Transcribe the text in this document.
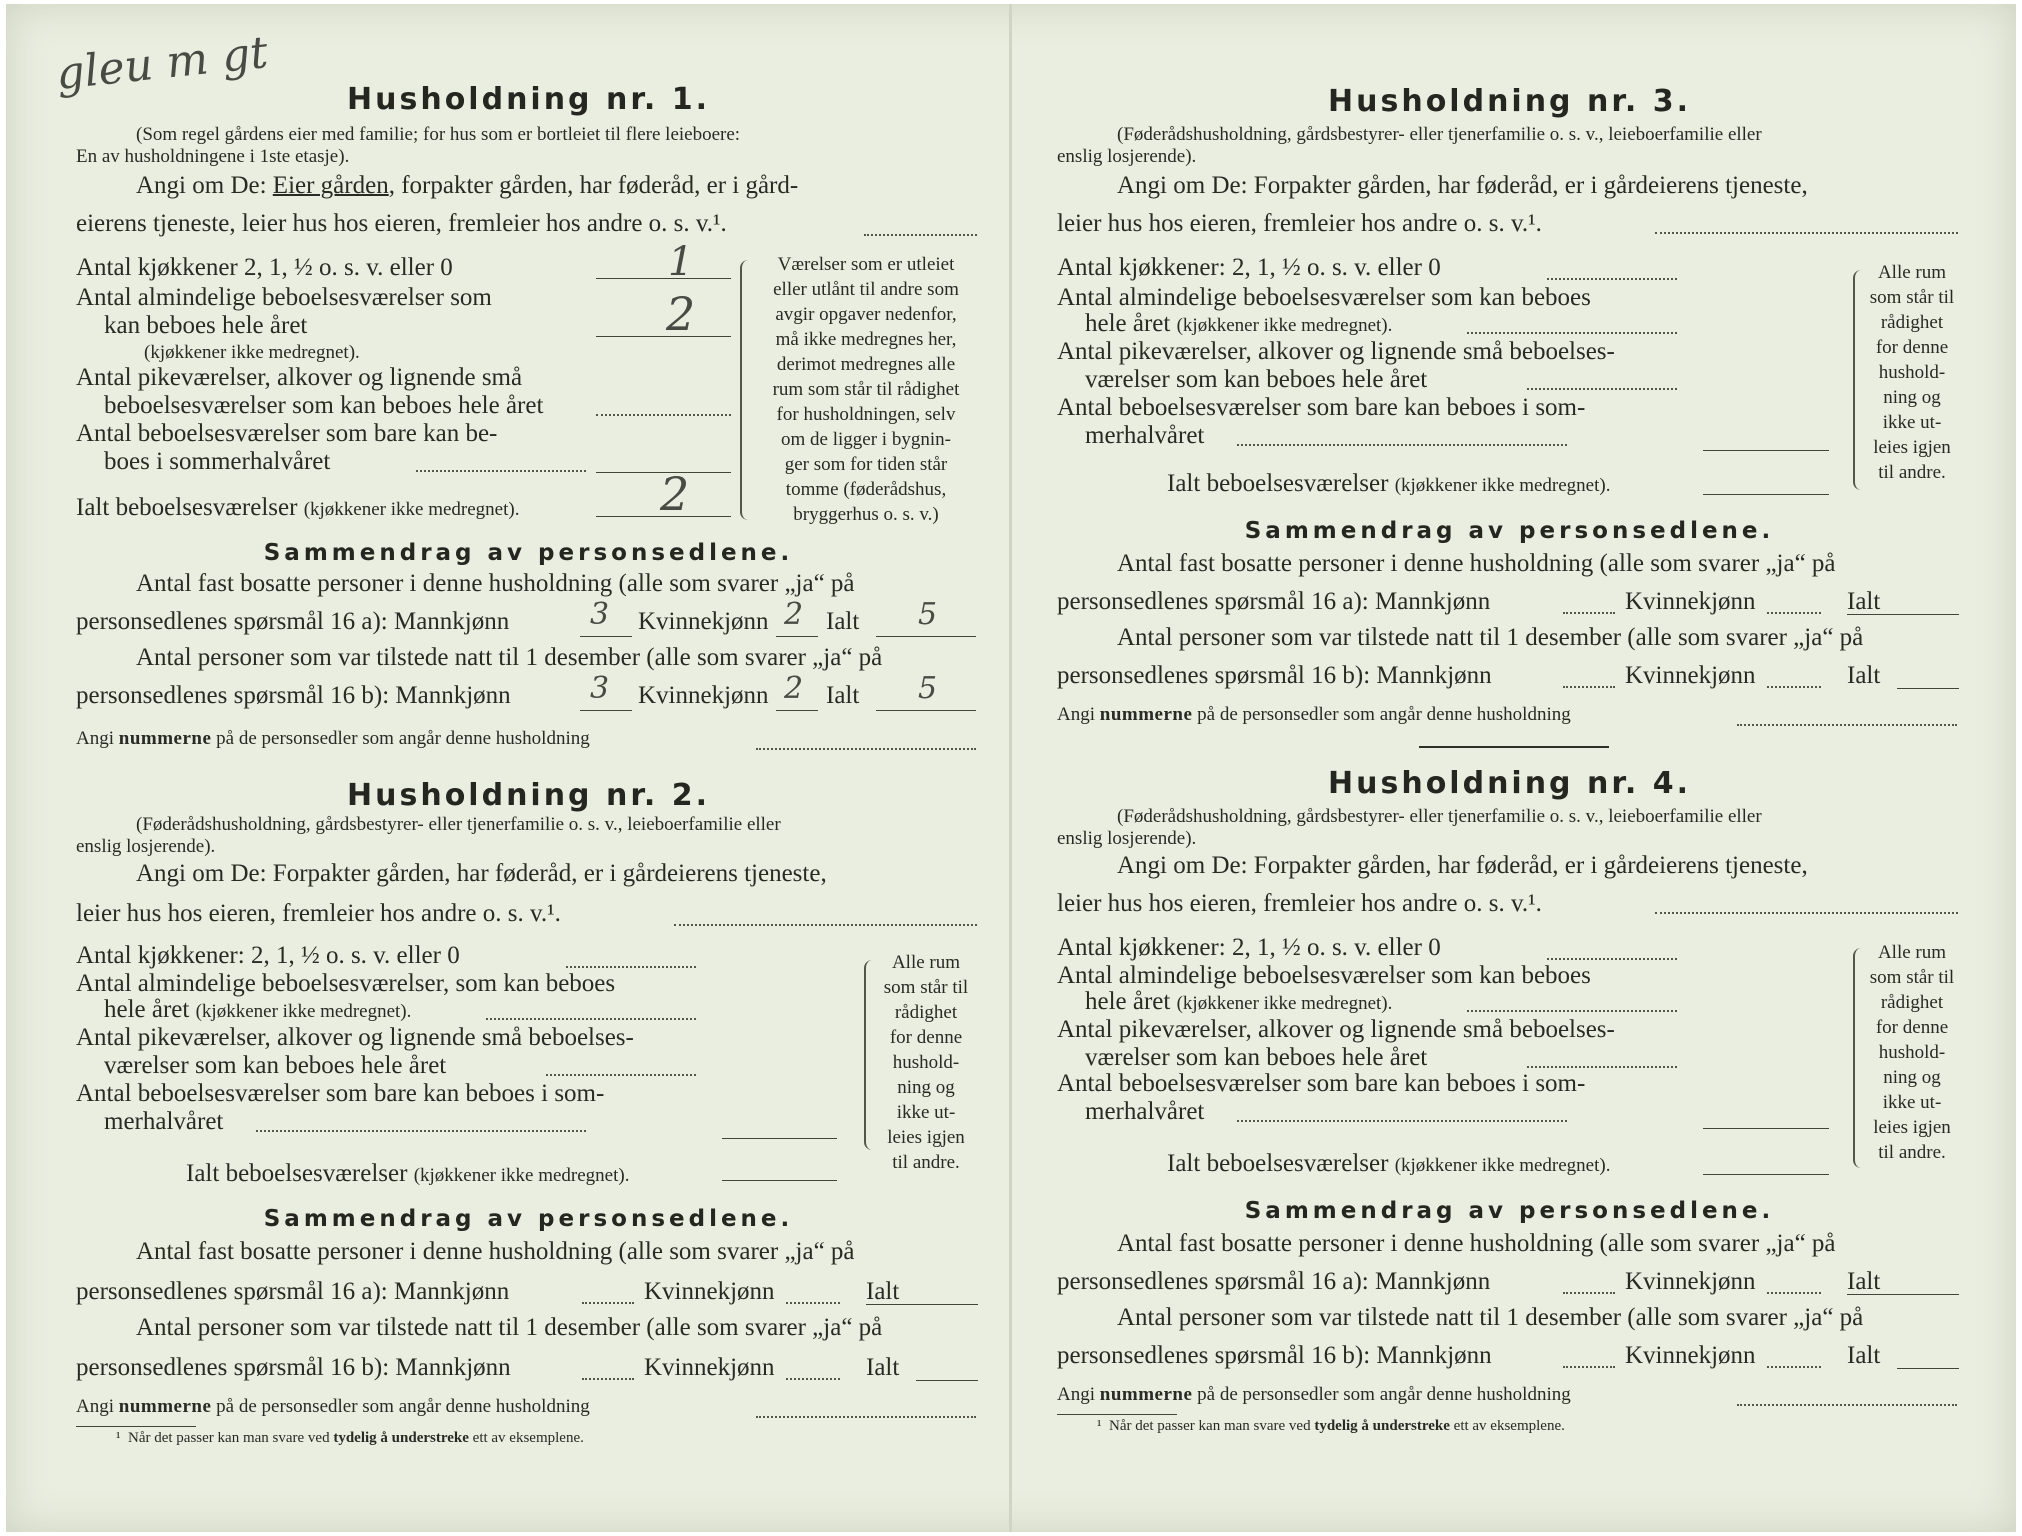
gleu m gt	Husholdning nr. 1.
(Som regel gårdens eier med familie; for hus som er bortleiet til flere leieboere:
En av husholdningene i 1ste etasje).
Angi om De: Eier gården, forpakter gården, har føderåd, er i gård-
eierens tjeneste, leier hus hos eieren, fremleier hos andre o. s. v.¹.
Antal kjøkkener 2, 1, ½ o. s. v. eller 0	1
Antal almindelige beboelsesværelser som
kan beboes hele året
(kjøkkener ikke medregnet).
2
Antal pikeværelser, alkover og lignende små
beboelsesværelser som kan beboes hele året
Antal beboelsesværelser som bare kan be-
boes i sommerhalvåret
Ialt beboelsesværelser (kjøkkener ikke medregnet).	2
Værelser som er utleiet
eller utlånt til andre som
avgir opgaver nedenfor,
må ikke medregnes her,
derimot medregnes alle
rum som står til rådighet
for husholdningen, selv
om de ligger i bygnin-
ger som for tiden står
tomme (føderådshus,
bryggerhus o. s. v.)
Sammendrag av personsedlene.
Antal fast bosatte personer i denne husholdning (alle som svarer „ja“ på
personsedlenes spørsmål 16 a): Mannkjønn	3 Kvinnekjønn 2 Ialt 5
Antal personer som var tilstede natt til 1 desember (alle som svarer „ja“ på
personsedlenes spørsmål 16 b): Mannkjønn	3 Kvinnekjønn 2 Ialt 5
Angi nummerne på de personsedler som angår denne husholdning
Husholdning nr. 2.
(Føderådshusholdning, gårdsbestyrer- eller tjenerfamilie o. s. v., leieboerfamilie eller
enslig losjerende).
Angi om De: Forpakter gården, har føderåd, er i gårdeierens tjeneste,
leier hus hos eieren, fremleier hos andre o. s. v.¹.
Antal kjøkkener: 2, 1, ½ o. s. v. eller 0
Antal almindelige beboelsesværelser, som kan beboes
hele året (kjøkkener ikke medregnet).
Antal pikeværelser, alkover og lignende små beboelses-
værelser som kan beboes hele året
Antal beboelsesværelser som bare kan beboes i som-
merhalvåret
Ialt beboelsesværelser (kjøkkener ikke medregnet).
Alle rum
som står til
rådighet
for denne
hushold-
ning og
ikke ut-
leies igjen
til andre.
Sammendrag av personsedlene.
Antal fast bosatte personer i denne husholdning (alle som svarer „ja“ på
personsedlenes spørsmål 16 a): Mannkjønn	Kvinnekjønn	Ialt
Antal personer som var tilstede natt til 1 desember (alle som svarer „ja“ på
personsedlenes spørsmål 16 b): Mannkjønn	Kvinnekjønn	Ialt
Angi nummerne på de personsedler som angår denne husholdning
¹ Når det passer kan man svare ved tydelig å understreke ett av eksemplene.
Husholdning nr. 3.
(Føderådshusholdning, gårdsbestyrer- eller tjenerfamilie o. s. v., leieboerfamilie eller
enslig losjerende).
Angi om De: Forpakter gården, har føderåd, er i gårdeierens tjeneste,
leier hus hos eieren, fremleier hos andre o. s. v.¹.
Antal kjøkkener: 2, 1, ½ o. s. v. eller 0
Antal almindelige beboelsesværelser som kan beboes
hele året (kjøkkener ikke medregnet).
Antal pikeværelser, alkover og lignende små beboelses-
værelser som kan beboes hele året
Antal beboelsesværelser som bare kan beboes i som-
merhalvåret
Ialt beboelsesværelser (kjøkkener ikke medregnet).
Alle rum
som står til
rådighet
for denne
hushold-
ning og
ikke ut-
leies igjen
til andre.
Sammendrag av personsedlene.
Antal fast bosatte personer i denne husholdning (alle som svarer „ja“ på
personsedlenes spørsmål 16 a): Mannkjønn	Kvinnekjønn	Ialt
Antal personer som var tilstede natt til 1 desember (alle som svarer „ja“ på
personsedlenes spørsmål 16 b): Mannkjønn	Kvinnekjønn	Ialt
Angi nummerne på de personsedler som angår denne husholdning
Husholdning nr. 4.
(Føderådshusholdning, gårdsbestyrer- eller tjenerfamilie o. s. v., leieboerfamilie eller
enslig losjerende).
Angi om De: Forpakter gården, har føderåd, er i gårdeierens tjeneste,
leier hus hos eieren, fremleier hos andre o. s. v.¹.
Antal kjøkkener: 2, 1, ½ o. s. v. eller 0
Antal almindelige beboelsesværelser som kan beboes
hele året (kjøkkener ikke medregnet).
Antal pikeværelser, alkover og lignende små beboelses-
værelser som kan beboes hele året
Antal beboelsesværelser som bare kan beboes i som-
merhalvåret
Ialt beboelsesværelser (kjøkkener ikke medregnet).
Alle rum
som står til
rådighet
for denne
hushold-
ning og
ikke ut-
leies igjen
til andre.
Sammendrag av personsedlene.
Antal fast bosatte personer i denne husholdning (alle som svarer „ja“ på
personsedlenes spørsmål 16 a): Mannkjønn	Kvinnekjønn	Ialt
Antal personer som var tilstede natt til 1 desember (alle som svarer „ja“ på
personsedlenes spørsmål 16 b): Mannkjønn	Kvinnekjønn	Ialt
Angi nummerne på de personsedler som angår denne husholdning
¹ Når det passer kan man svare ved tydelig å understreke ett av eksemplene.
